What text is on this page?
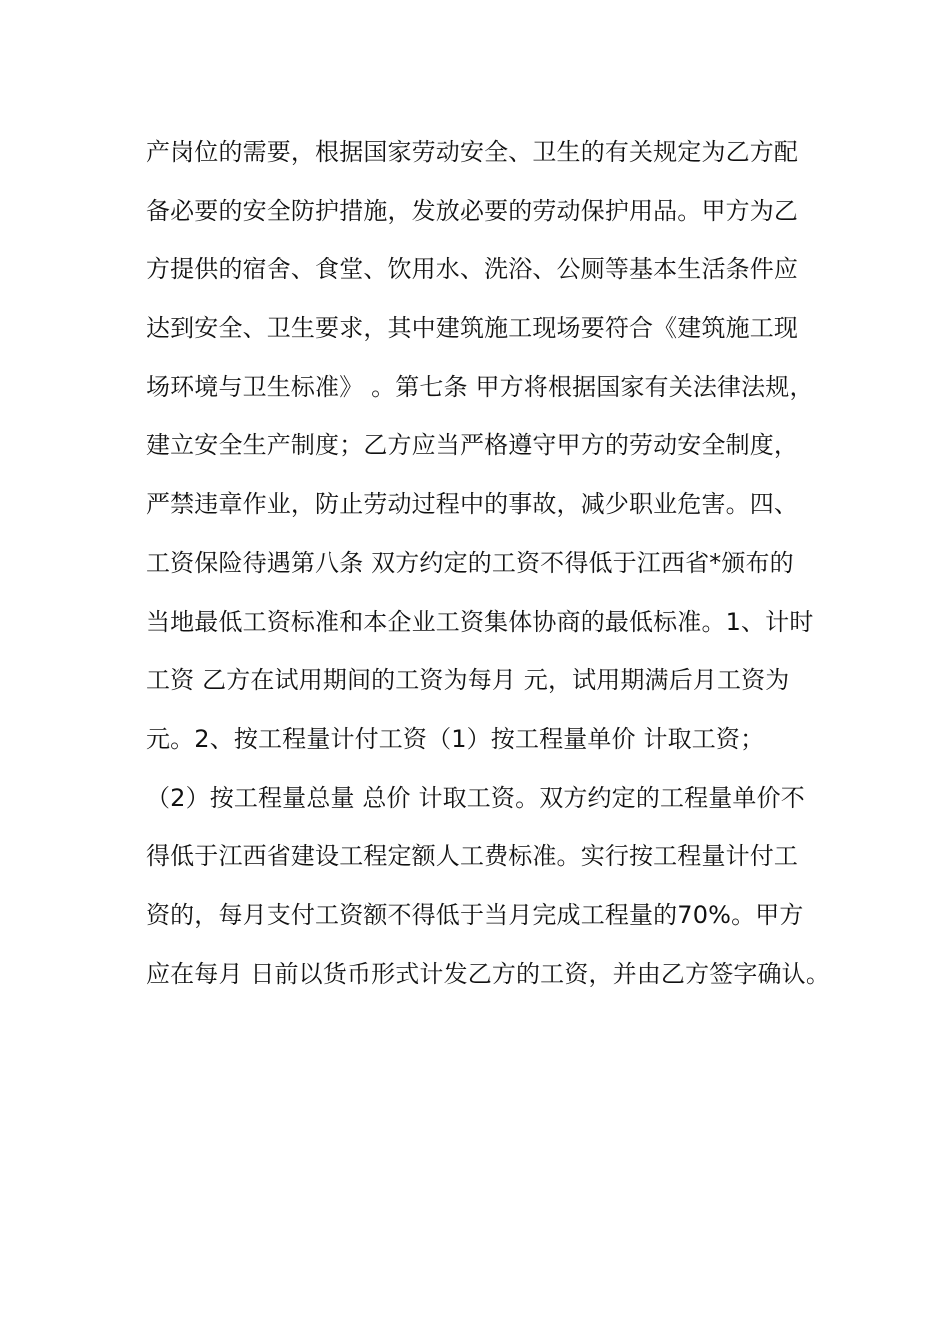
产岗位的需要，根据国家劳动安全、卫生的有关规定为乙方配
备必要的安全防护措施，发放必要的劳动保护用品。甲方为乙
方提供的宿舍、食堂、饮用水、洗浴、公厕等基本生活条件应
达到安全、卫生要求，其中建筑施工现场要符合《建筑施工现
场环境与卫生标准》 。第七条 甲方将根据国家有关法律法规，
建立安全生产制度；乙方应当严格遵守甲方的劳动安全制度，
严禁违章作业，防止劳动过程中的事故，减少职业危害。四、
工资保险待遇第八条 双方约定的工资不得低于江西省*颁布的
当地最低工资标准和本企业工资集体协商的最低标准。1、计时
工资 乙方在试用期间的工资为每月 元，试用期满后月工资为
元。2、按工程量计付工资（1）按工程量单价 计取工资；
（2）按工程量总量 总价 计取工资。双方约定的工程量单价不
得低于江西省建设工程定额人工费标准。实行按工程量计付工
资的，每月支付工资额不得低于当月完成工程量的70%。甲方
应在每月 日前以货币形式计发乙方的工资，并由乙方签字确认。
